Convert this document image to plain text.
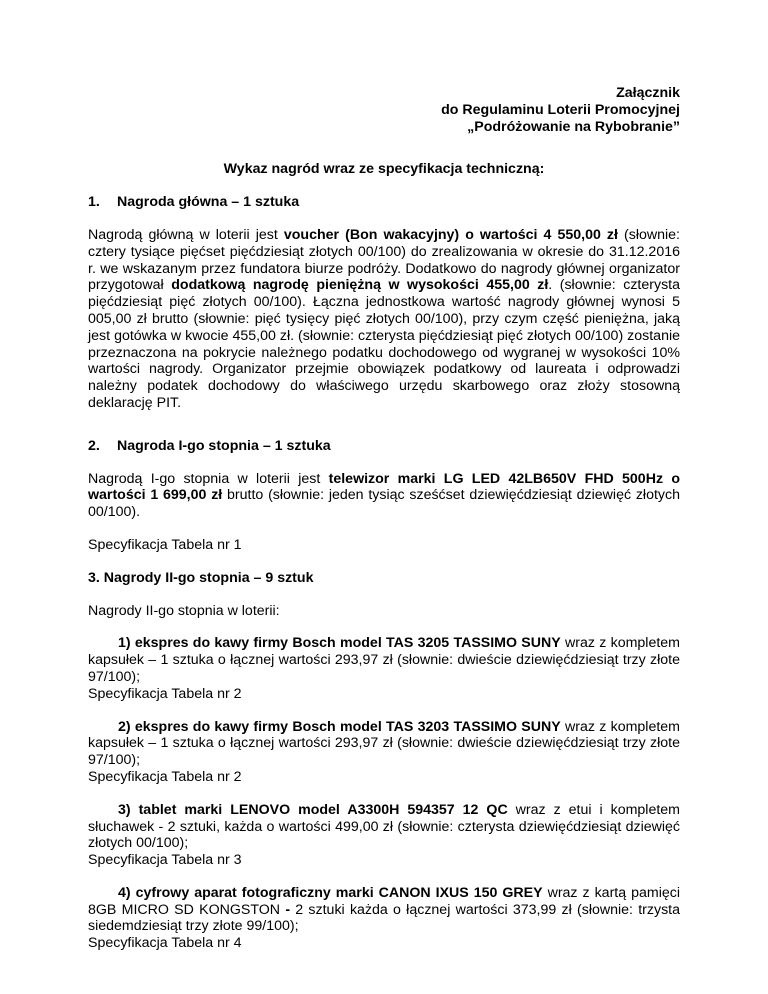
Załącznik
do Regulaminu Loterii Promocyjnej
„Podróżowanie na Rybobranie”
Wykaz nagród wraz ze specyfikacja techniczną:
1. Nagroda główna – 1 sztuka

Nagrodą główną w loterii jest voucher (Bon wakacyjny) o wartości 4 550,00 zł (słownie: cztery tysiące pięćset pięćdziesiąt złotych 00/100) do zrealizowania w okresie do 31.12.2016 r. we wskazanym przez fundatora biurze podróży. Dodatkowo do nagrody głównej organizator przygotował dodatkową nagrodę pieniężną w wysokości 455,00 zł. (słownie: czterysta pięćdziesiąt pięć złotych 00/100). Łączna jednostkowa wartość nagrody głównej wynosi 5 005,00 zł brutto (słownie: pięć tysięcy pięć złotych 00/100), przy czym część pieniężna, jaką jest gotówka w kwocie 455,00 zł. (słownie: czterysta pięćdziesiąt pięć złotych 00/100) zostanie przeznaczona na pokrycie należnego podatku dochodowego od wygranej w wysokości 10% wartości nagrody. Organizator przejmie obowiązek podatkowy od laureata i odprowadzi należny podatek dochodowy do właściwego urzędu skarbowego oraz złoży stosowną deklarację PIT.

2. Nagroda I-go stopnia – 1 sztuka

Nagrodą I-go stopnia w loterii jest telewizor marki LG LED 42LB650V FHD 500Hz o wartości 1 699,00 zł brutto (słownie: jeden tysiąc sześćset dziewięćdziesiąt dziewięć złotych 00/100).

Specyfikacja Tabela nr 1

3. Nagrody II-go stopnia – 9 sztuk

Nagrody II-go stopnia w loterii:

1) ekspres do kawy firmy Bosch model TAS 3205 TASSIMO SUNY wraz z kompletem kapsułek – 1 sztuka o łącznej wartości 293,97 zł (słownie: dwieście dziewięćdziesiąt trzy złote 97/100);

Specyfikacja Tabela nr 2

2) ekspres do kawy firmy Bosch model TAS 3203 TASSIMO SUNY wraz z kompletem kapsułek – 1 sztuka o łącznej wartości 293,97 zł (słownie: dwieście dziewięćdziesiąt trzy złote 97/100);

Specyfikacja Tabela nr 2

3) tablet marki LENOVO model A3300H 594357 12 QC wraz z etui i kompletem słuchawek - 2 sztuki, każda o wartości 499,00 zł (słownie: czterysta dziewięćdziesiąt dziewięć złotych 00/100);

Specyfikacja Tabela nr 3

4) cyfrowy aparat fotograficzny marki CANON IXUS 150 GREY wraz z kartą pamięci 8GB MICRO SD KONGSTON - 2 sztuki każda o łącznej wartości 373,99 zł (słownie: trzysta siedemdziesiąt trzy złote 99/100);

Specyfikacja Tabela nr 4
